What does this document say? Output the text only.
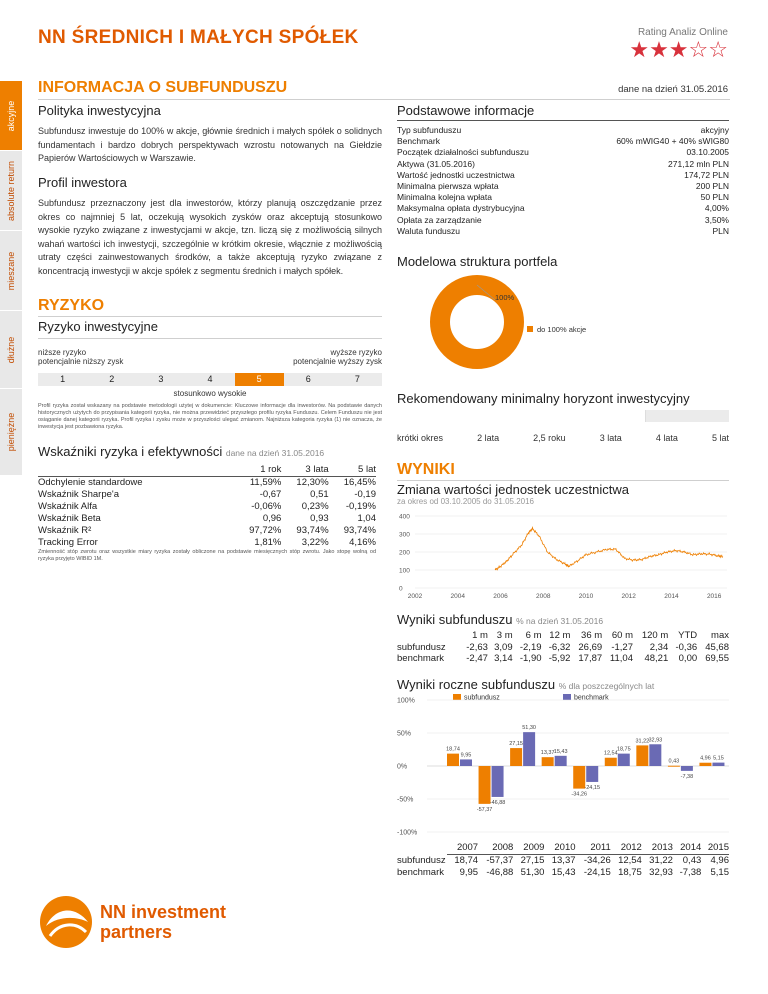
NN ŚREDNICH I MAŁYCH SPÓŁEK	Rating Analiz Online
★★★☆☆
akcyjne
absolute return
mieszane
dłużne
pieniężne
INFORMACJA O SUBFUNDUSZU	dane na dzień 31.05.2016
Polityka inwestycyjna
Subfundusz inwestuje do 100% w akcje, głównie średnich i małych spółek o solidnych fundamentach i bardzo dobrych perspektywach wzrostu notowanych na Giełdzie Papierów Wartościowych w Warszawie.
Profil inwestora
Subfundusz przeznaczony jest dla inwestorów, którzy planują oszczędzanie przez okres co najmniej 5 lat, oczekują wysokich zysków oraz akceptują stosunkowo wysokie ryzyko związane z inwestycjami w akcje, tzn. liczą się z możliwością silnych wahań wartości ich inwestycji, szczególnie w krótkim okresie, włącznie z możliwością utraty części zainwestowanych środków, a także akceptują ryzyko związane z koncentracją inwestycji w akcje spółek z segmentu średnich i małych spółek.
Podstawowe informacje
Typ subfunduszu	akcyjny
Benchmark	60% mWIG40 + 40% sWIG80
Początek działalności subfunduszu	03.10.2005
Aktywa (31.05.2016)	271,12 mln PLN
Wartość jednostki uczestnictwa	174,72 PLN
Minimalna pierwsza wpłata	200 PLN
Minimalna kolejna wpłata	50 PLN
Maksymalna opłata dystrybucyjna	4,00%
Opłata za zarządzanie	3,50%
Waluta funduszu	PLN
Modelowa struktura portfela
100%
do 100% akcje
RYZYKO
Ryzyko inwestycyjne
niższe ryzyko
potencjalnie niższy zysk
wyższe ryzyko
potencjalnie wyższy zysk
1	2	3	4	5	6	7
stosunkowo wysokie
Profil ryzyka został wskazany na podstawie metodologii użytej w dokumencie: Kluczowe informacje dla inwestorów. Na podstawie danych historycznych użytych do przypisania kategorii ryzyka, nie można przewidzieć przyszłego profilu ryzyka Funduszu. Celem Funduszu nie jest osiąganie danej kategorii ryzyka. Profil ryzyka i zysku może w przyszłości ulegać zmianom. Najniższa kategoria ryzyka (1) nie oznacza, że inwestycja jest pozbawiona ryzyka.
Rekomendowany minimalny horyzont inwestycyjny
krótki okres	2 lata	2,5 roku	3 lata	4 lata	5 lat
Wskaźniki ryzyka i efektywności dane na dzień 31.05.2016
	1 rok	3 lata	5 lat
Odchylenie standardowe	11,59%	12,30%	16,45%
Wskaźnik Sharpe'a	-0,67	0,51	-0,19
Wskaźnik Alfa	-0,06%	0,23%	-0,19%
Wskaźnik Beta	0,96	0,93	1,04
Wskaźnik R²	97,72%	93,74%	93,74%
Tracking Error	1,81%	3,22%	4,16%
Zmienność stóp zwrotu oraz wszystkie miary ryzyka zostały obliczone na podstawie miesięcznych stóp zwrotu. Jako stopę wolną od ryzyka przyjęto WIBID 1M.
WYNIKI
Zmiana wartości jednostek uczestnictwa
za okres od 03.10.2005 do 31.05.2016
0
100
200
300
400
2002	2004	2006	2008	2010	2012	2014	2016
Wyniki subfunduszu % na dzień 31.05.2016
	1 m	3 m	6 m	12 m	36 m	60 m	120 m	YTD	max
subfundusz	-2,63	3,09	-2,19	-6,32	26,69	-1,27	2,34	-0,36	45,68
benchmark	-2,47	3,14	-1,90	-5,92	17,87	11,04	48,21	0,00	69,55
Wyniki roczne subfunduszu % dla poszczególnych lat
subfundusz	benchmark
100%
50%
0%
-50%
-100%
18,74
9,95
-57,37
-46,88
27,15
51,30
13,37 15,43
-34,26
-24,15
12,54
18,75
31,22 32,93
0,43
-7,38
4,96 5,15
	2007	2008	2009	2010	2011	2012	2013	2014	2015
subfundusz	18,74	-57,37	27,15	13,37	-34,26	12,54	31,22	0,43	4,96
benchmark	9,95	-46,88	51,30	15,43	-24,15	18,75	32,93	-7,38	5,15
NN investment
partners
